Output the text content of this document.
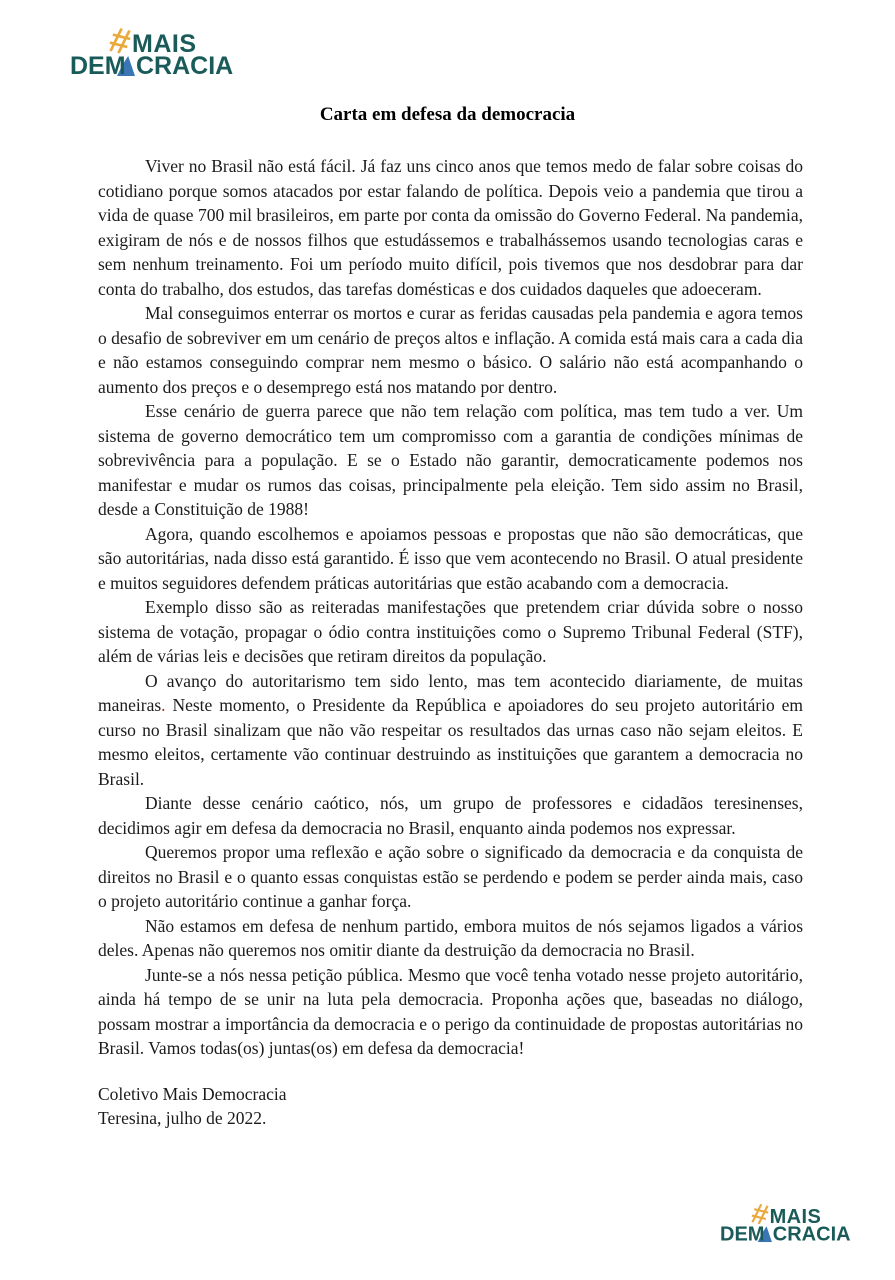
#
MAIS
DEM CRACIA
Carta em defesa da democracia

Viver no Brasil não está fácil. Já faz uns cinco anos que temos medo de falar sobre coisas do cotidiano porque somos atacados por estar falando de política. Depois veio a pandemia que tirou a vida de quase 700 mil brasileiros, em parte por conta da omissão do Governo Federal. Na pandemia, exigiram de nós e de nossos filhos que estudássemos e trabalhássemos usando tecnologias caras e sem nenhum treinamento. Foi um período muito difícil, pois tivemos que nos desdobrar para dar conta do trabalho, dos estudos, das tarefas domésticas e dos cuidados daqueles que adoeceram.

Mal conseguimos enterrar os mortos e curar as feridas causadas pela pandemia e agora temos o desafio de sobreviver em um cenário de preços altos e inflação. A comida está mais cara a cada dia e não estamos conseguindo comprar nem mesmo o básico. O salário não está acompanhando o aumento dos preços e o desemprego está nos matando por dentro.

Esse cenário de guerra parece que não tem relação com política, mas tem tudo a ver. Um sistema de governo democrático tem um compromisso com a garantia de condições mínimas de sobrevivência para a população. E se o Estado não garantir, democraticamente podemos nos manifestar e mudar os rumos das coisas, principalmente pela eleição. Tem sido assim no Brasil, desde a Constituição de 1988!

Agora, quando escolhemos e apoiamos pessoas e propostas que não são democráticas, que são autoritárias, nada disso está garantido. É isso que vem acontecendo no Brasil. O atual presidente e muitos seguidores defendem práticas autoritárias que estão acabando com a democracia.

Exemplo disso são as reiteradas manifestações que pretendem criar dúvida sobre o nosso sistema de votação, propagar o ódio contra instituições como o Supremo Tribunal Federal (STF), além de várias leis e decisões que retiram direitos da população.

O avanço do autoritarismo tem sido lento, mas tem acontecido diariamente, de muitas maneiras. Neste momento, o Presidente da República e apoiadores do seu projeto autoritário em curso no Brasil sinalizam que não vão respeitar os resultados das urnas caso não sejam eleitos. E mesmo eleitos, certamente vão continuar destruindo as instituições que garantem a democracia no Brasil.

Diante desse cenário caótico, nós, um grupo de professores e cidadãos teresinenses, decidimos agir em defesa da democracia no Brasil, enquanto ainda podemos nos expressar.

Queremos propor uma reflexão e ação sobre o significado da democracia e da conquista de direitos no Brasil e o quanto essas conquistas estão se perdendo e podem se perder ainda mais, caso o projeto autoritário continue a ganhar força.

Não estamos em defesa de nenhum partido, embora muitos de nós sejamos ligados a vários deles. Apenas não queremos nos omitir diante da destruição da democracia no Brasil.

Junte-se a nós nessa petição pública. Mesmo que você tenha votado nesse projeto autoritário, ainda há tempo de se unir na luta pela democracia. Proponha ações que, baseadas no diálogo, possam mostrar a importância da democracia e o perigo da continuidade de propostas autoritárias no Brasil. Vamos todas(os) juntas(os) em defesa da democracia!

Coletivo Mais Democracia

Teresina, julho de 2022.

#
MAIS
DEM CRACIA
